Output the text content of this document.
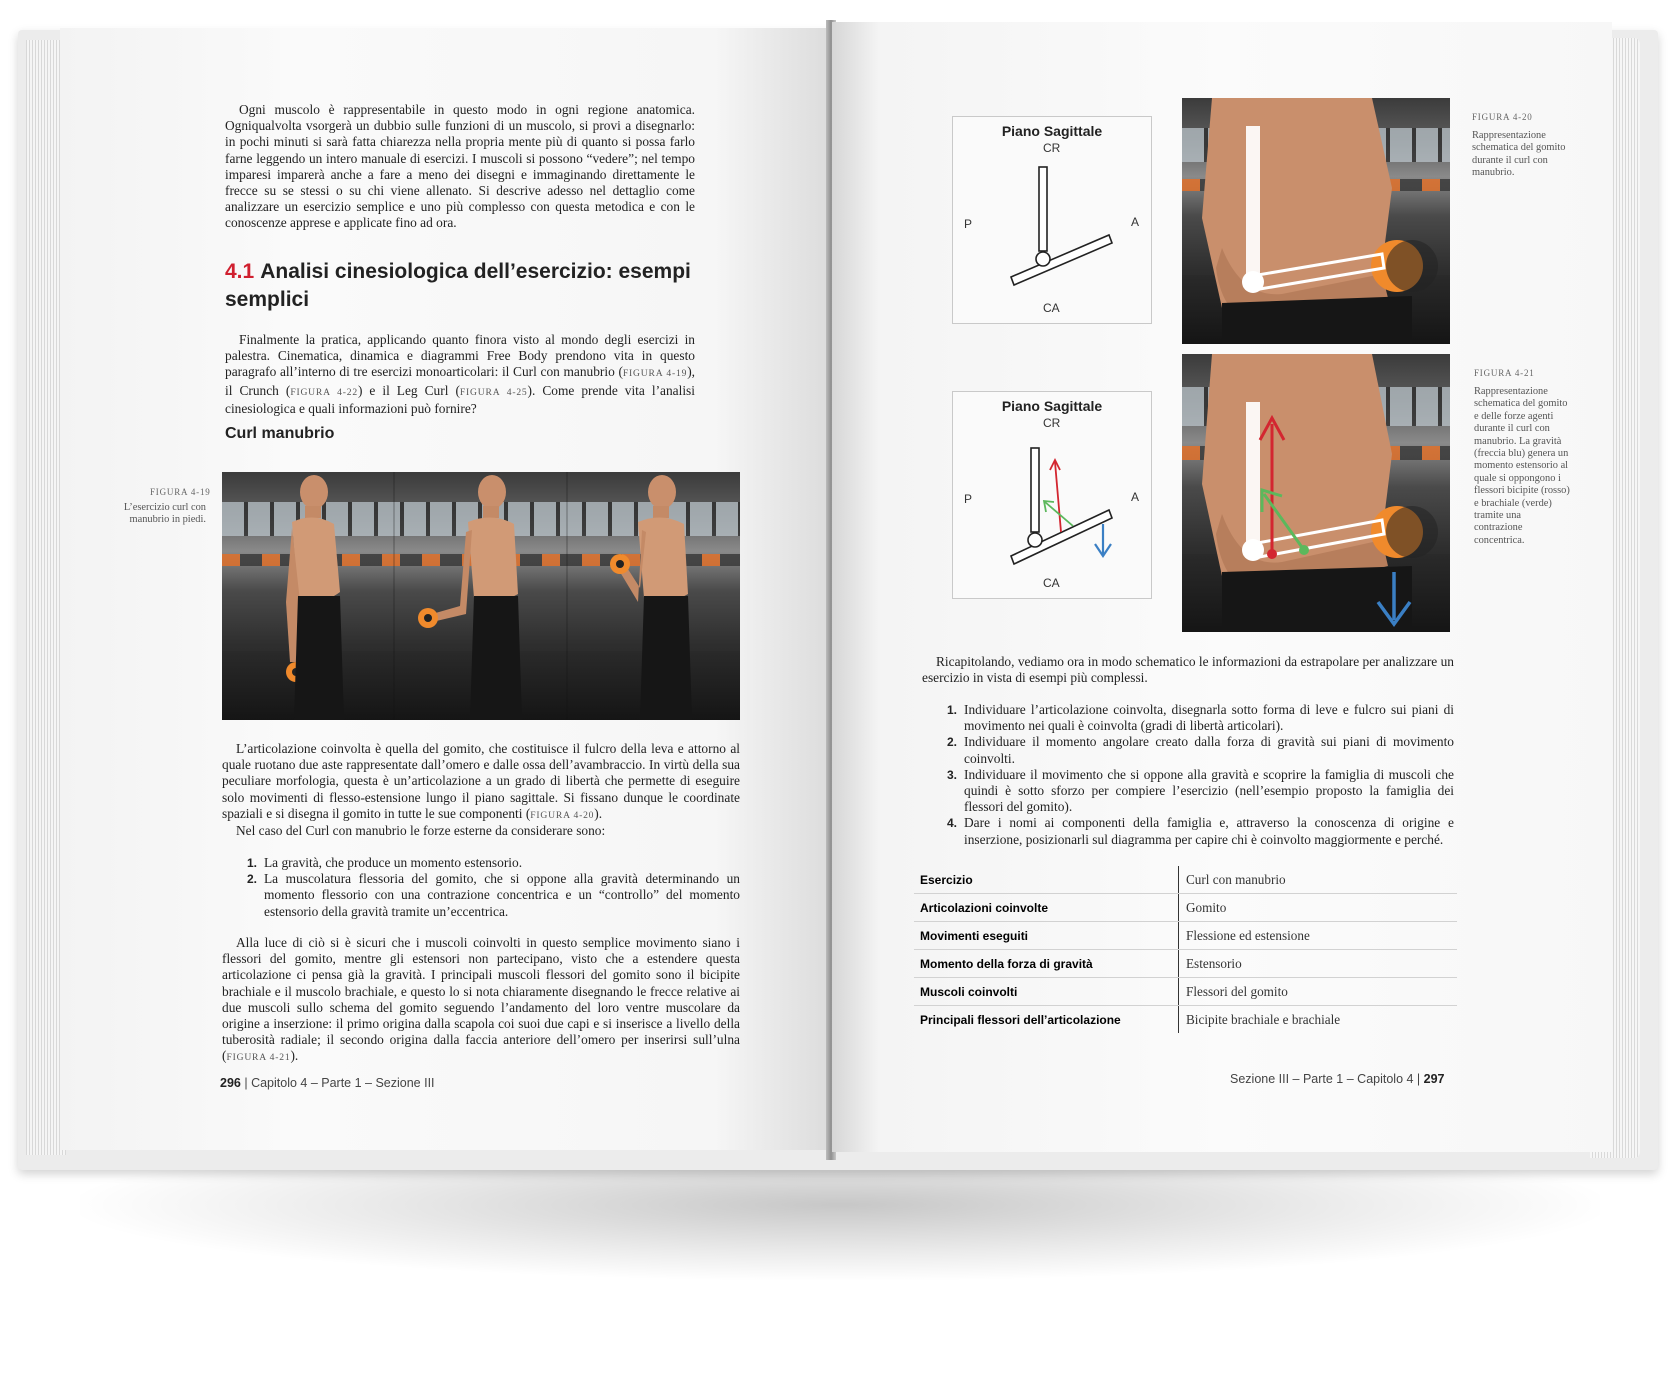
Ogni muscolo è rappresentabile in questo modo in ogni regione anatomica. Ogniqualvolta vsorgerà un dubbio sulle funzioni di un muscolo, si provi a disegnarlo: in pochi minuti si sarà fatta chiarezza nella propria mente più di quanto si possa farlo farne leggendo un intero manuale di esercizi. I muscoli si possono “vedere”; nel tempo imparesi imparerà anche a fare a meno dei disegni e immaginando direttamente le frecce su se stessi o su chi viene allenato. Si descrive adesso nel dettaglio come analizzare un esercizio semplice e uno più complesso con questa metodica e con le conoscenze apprese e applicate fino ad ora.

4.1 Analisi cinesiologica dell’esercizio: esempi semplici

Finalmente la pratica, applicando quanto finora visto al mondo degli esercizi in palestra. Cinematica, dinamica e diagrammi Free Body prendono vita in questo paragrafo all’interno di tre esercizi monoarticolari: il Curl con manubrio (FIGURA 4-19), il Crunch (FIGURA 4-22) e il Leg Curl (FIGURA 4-25). Come prende vita l’analisi cinesiologica e quali informazioni può fornire?

Curl manubrio
FIGURA 4-19
L’esercizio curl con manubrio in piedi.

L’articolazione coinvolta è quella del gomito, che costituisce il fulcro della leva e attorno al quale ruotano due aste rappresentate dall’omero e dalle ossa dell’avambraccio. In virtù della sua peculiare morfologia, questa è un’articolazione a un grado di libertà che permette di eseguire solo movimenti di flesso-estensione lungo il piano sagittale. Si fissano dunque le coordinate spaziali e si disegna il gomito in tutte le sue componenti (FIGURA 4-20).

Nel caso del Curl con manubrio le forze esterne da considerare sono:

1. La gravità, che produce un momento estensorio.
2. La muscolatura flessoria del gomito, che si oppone alla gravità determinando un momento flessorio con una contrazione concentrica e un “controllo” del momento estensorio della gravità tramite un’eccentrica.

Alla luce di ciò si è sicuri che i muscoli coinvolti in questo semplice movimento siano i flessori del gomito, mentre gli estensori non partecipano, visto che a estendere questa articolazione ci pensa già la gravità. I principali muscoli flessori del gomito sono il bicipite brachiale e il muscolo brachiale, e questo lo si nota chiaramente disegnando le frecce relative ai due muscoli sullo schema del gomito seguendo l’andamento del loro ventre muscolare da origine a inserzione: il primo origina dalla scapola coi suoi due capi e si inserisce a livello della tuberosità radiale; il secondo origina dalla faccia anteriore dell’omero per inserirsi sull’ulna (FIGURA 4-21).

296 | Capitolo 4 – Parte 1 – Sezione III
Piano Sagittale
CR
P	A
CA
FIGURA 4-20
Rappresentazione schematica del gomito durante il curl con manubrio.
Piano Sagittale
CR
P	A
CA
FIGURA 4-21
Rappresentazione schematica del gomito e delle forze agenti durante il curl con manubrio. La gravità (freccia blu) genera un momento estensorio al quale si oppongono i flessori bicipite (rosso) e brachiale (verde) tramite una contrazione concentrica.

Ricapitolando, vediamo ora in modo schematico le informazioni da estrapolare per analizzare un esercizio in vista di esempi più complessi.

1. Individuare l’articolazione coinvolta, disegnarla sotto forma di leve e fulcro sui piani di movimento nei quali è coinvolta (gradi di libertà articolari).
2. Individuare il momento angolare creato dalla forza di gravità sui piani di movimento coinvolti.
3. Individuare il movimento che si oppone alla gravità e scoprire la famiglia di muscoli che quindi è sotto sforzo per compiere l’esercizio (nell’esempio proposto la famiglia dei flessori del gomito).
4. Dare i nomi ai componenti della famiglia e, attraverso la conoscenza di origine e inserzione, posizionarli sul diagramma per capire chi è coinvolto maggiormente e perché.
Esercizio	Curl con manubrio
Articolazioni coinvolte	Gomito
Movimenti eseguiti	Flessione ed estensione
Momento della forza di gravità	Estensorio
Muscoli coinvolti	Flessori del gomito
Principali flessori dell’articolazione	Bicipite brachiale e brachiale
Sezione III – Parte 1 – Capitolo 4 | 297
